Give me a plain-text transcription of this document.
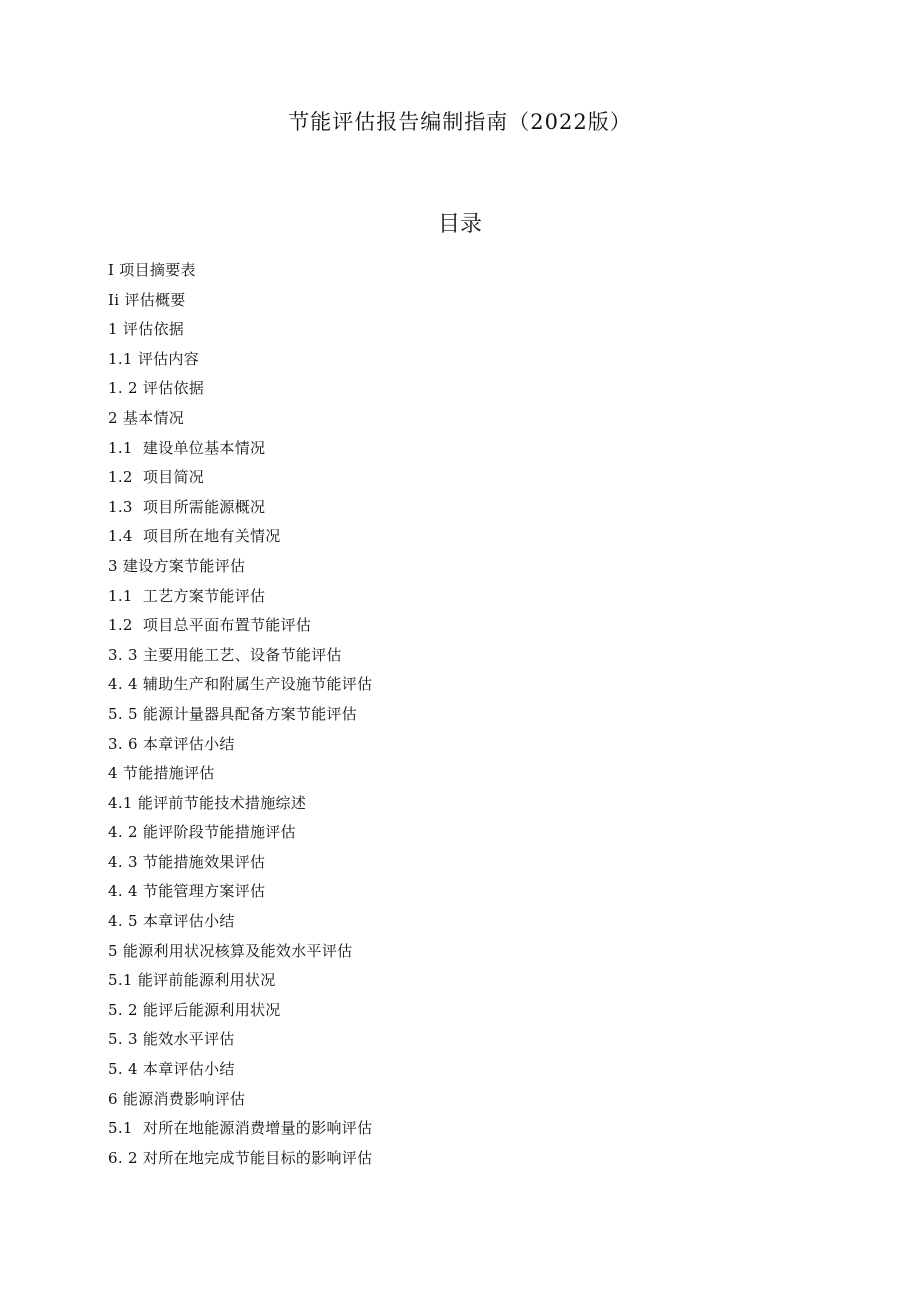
节能评估报告编制指南（2022版）
目录
I 项目摘要表
Ii 评估概要
1 评估依据
1.1 评估内容
1. 2 评估依据
2 基本情况
1.1  建设单位基本情况
1.2  项目简况
1.3  项目所需能源概况
1.4  项目所在地有关情况
3 建设方案节能评估
1.1  工艺方案节能评估
1.2  项目总平面布置节能评估
3. 3 主要用能工艺、设备节能评估
4. 4 辅助生产和附属生产设施节能评估
5. 5 能源计量器具配备方案节能评估
3. 6 本章评估小结
4 节能措施评估
4.1 能评前节能技术措施综述
4. 2 能评阶段节能措施评估
4. 3 节能措施效果评估
4. 4 节能管理方案评估
4. 5 本章评估小结
5 能源利用状况核算及能效水平评估
5.1 能评前能源利用状况
5. 2 能评后能源利用状况
5. 3 能效水平评估
5. 4 本章评估小结
6 能源消费影响评估
5.1  对所在地能源消费增量的影响评估
6. 2 对所在地完成节能目标的影响评估
